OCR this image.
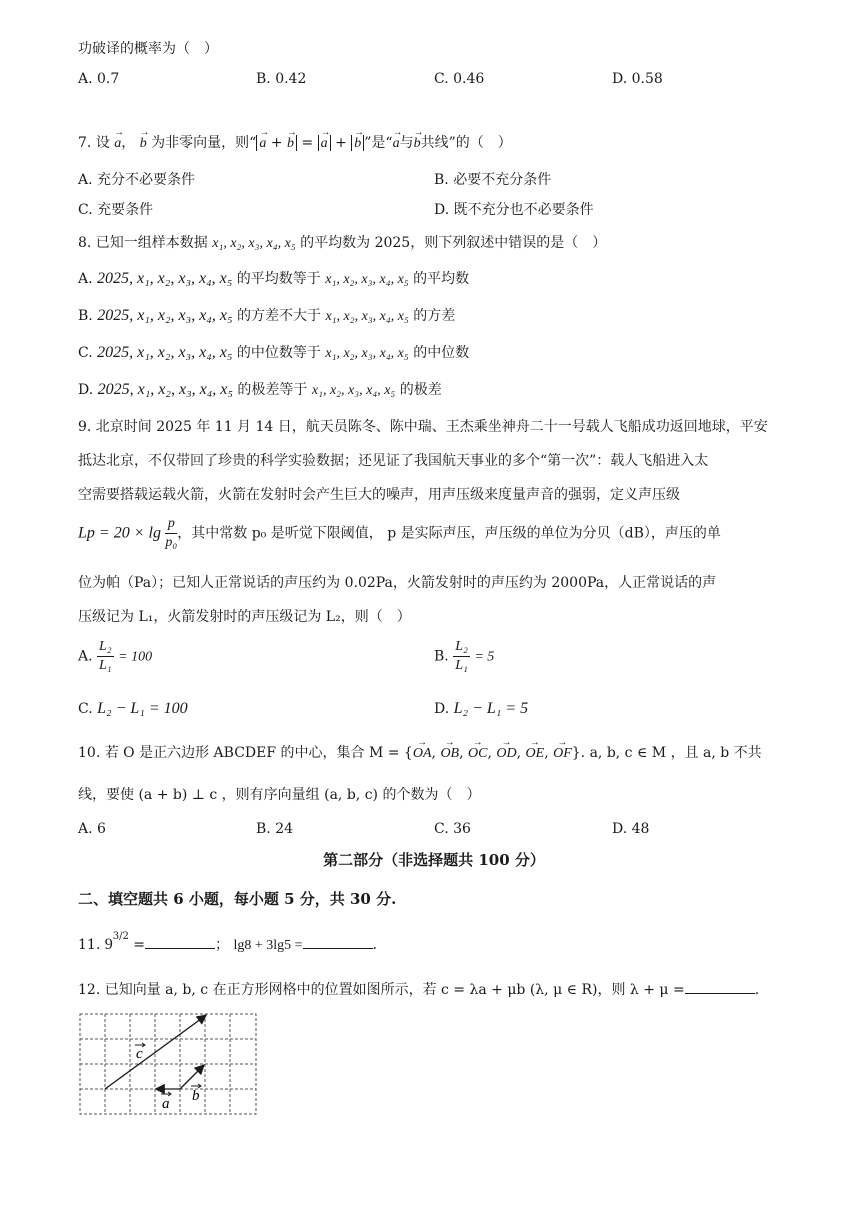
功破译的概率为（　）
A. 0.7	B. 0.42	C. 0.46	D. 0.58
7. 设 → a， → b 为非零向量，则“ → a + → b = → a + → b ”是“→ a与→ b共线”的（　）
A. 充分不必要条件	B. 必要不充分条件
C. 充要条件	D. 既不充分也不必要条件
8. 已知一组样本数据 x₁, x₂, x₃, x₄, x₅ 的平均数为 2025，则下列叙述中错误的是（　）
A. 2025, x₁, x₂, x₃, x₄, x₅ 的平均数等于 x₁, x₂, x₃, x₄, x₅ 的平均数
B. 2025, x₁, x₂, x₃, x₄, x₅ 的方差不大于 x₁, x₂, x₃, x₄, x₅ 的方差
C. 2025, x₁, x₂, x₃, x₄, x₅ 的中位数等于 x₁, x₂, x₃, x₄, x₅ 的中位数
D. 2025, x₁, x₂, x₃, x₄, x₅ 的极差等于 x₁, x₂, x₃, x₄, x₅ 的极差
9. 北京时间 2025 年 11 月 14 日，航天员陈冬、陈中瑞、王杰乘坐神舟二十一号载人飞船成功返回地球，平安
抵达北京，不仅带回了珍贵的科学实验数据；还见证了我国航天事业的多个“第一次”：载人飞船进入太
空需要搭载运载火箭，火箭在发射时会产生巨大的噪声，用声压级来度量声音的强弱，定义声压级
$Lp = 20 \times \lg \frac{p}{\text{p₀}}$ ，其中常数 p₀ 是听觉下限阈值， p 是实际声压，声压级的单位为分贝（dB），声压的单
位为帕（Pa）；已知人正常说话的声压约为 0.02Pa，火箭发射时的声压约为 2000Pa，人正常说话的声
压级记为 L₁，火箭发射时的声压级记为 L₂，则（　）
A. $\frac{\text{L₂}}{\text{L₁}} = 100$	B. $\frac{\text{L₂}}{\text{L₁}} = 5$
C. L₂ − L₁ = 100	D. L₂ − L₁ = 5
10. 若 O 是正六边形 ABCDEF 的中心，集合 M = {→ OA, → OB, → OC, → OD, → OE, → OF}. a, b, c ∈ M ，且 a, b 不共
线，要使 (a + b) ⊥ c ，则有序向量组 (a, b, c) 的个数为（　）
A. 6	B. 24	C. 36	D. 48
第二部分（非选择题共 100 分）
二、填空题共 6 小题，每小题 5 分，共 30 分.
11. $9^{3/2}$ =	； lg8 + 3lg5 =	.
12. 已知向量 a, b, c 在正方形网格中的位置如图所示，若 c = λa + μb (λ, μ ∈ R)，则 λ + μ =	.
c
a b
